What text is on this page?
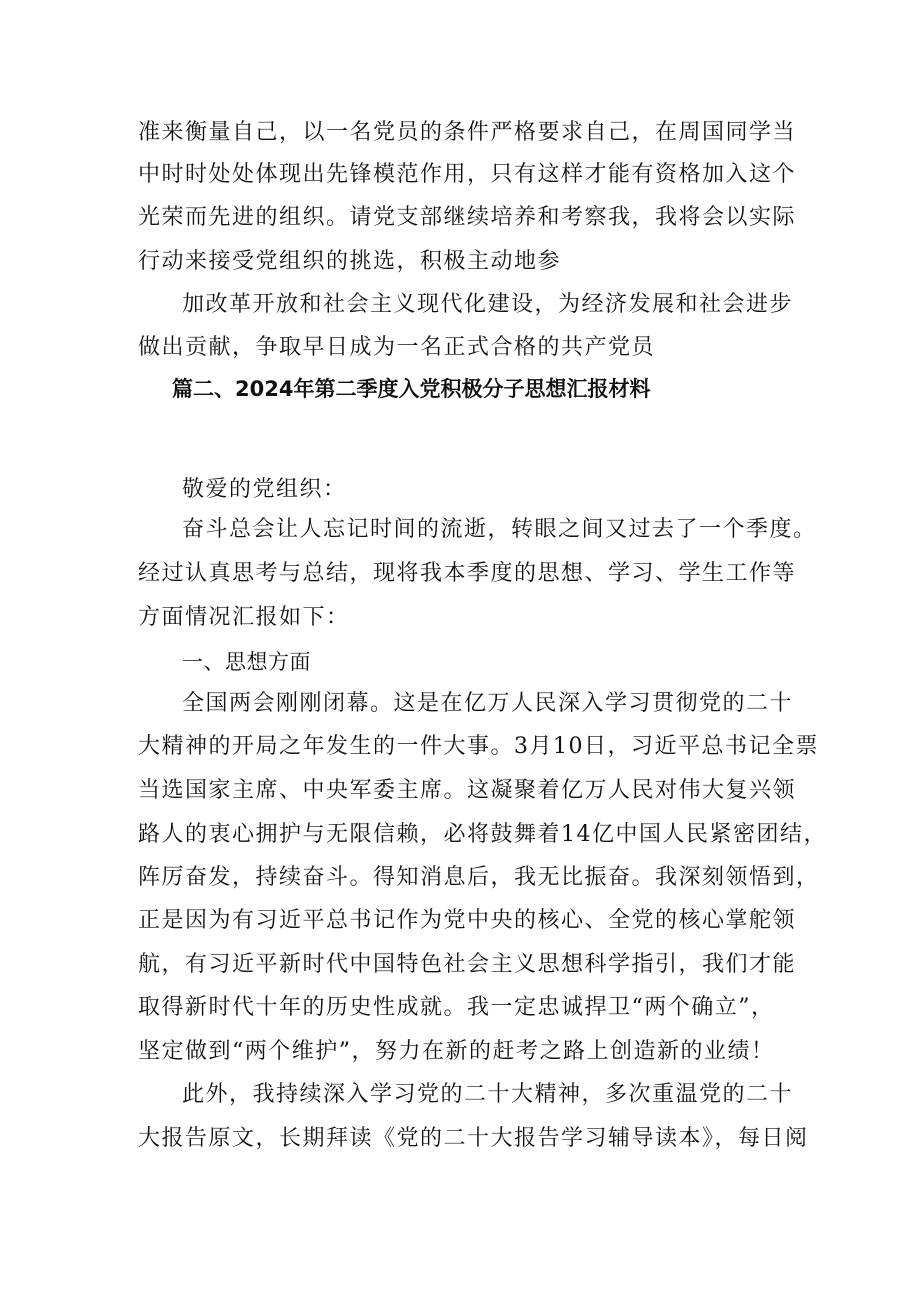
准来衡量自己，以一名党员的条件严格要求自己，在周国同学当
中时时处处体现出先锋模范作用，只有这样才能有资格加入这个
光荣而先进的组织。请党支部继续培养和考察我，我将会以实际
行动来接受党组织的挑选，积极主动地参
加改革开放和社会主义现代化建设，为经济发展和社会进步
做出贡献，争取早日成为一名正式合格的共产党员
篇二、2024年第二季度入党积极分子思想汇报材料
敬爱的党组织：
奋斗总会让人忘记时间的流逝，转眼之间又过去了一个季度。
经过认真思考与总结，现将我本季度的思想、学习、学生工作等
方面情况汇报如下：
一、思想方面
全国两会刚刚闭幕。这是在亿万人民深入学习贯彻党的二十
大精神的开局之年发生的一件大事。3月10日，习近平总书记全票
当选国家主席、中央军委主席。这凝聚着亿万人民对伟大复兴领
路人的衷心拥护与无限信赖，必将鼓舞着14亿中国人民紧密团结，
阵厉奋发，持续奋斗。得知消息后，我无比振奋。我深刻领悟到，
正是因为有习近平总书记作为党中央的核心、全党的核心掌舵领
航，有习近平新时代中国特色社会主义思想科学指引，我们才能
取得新时代十年的历史性成就。我一定忠诚捍卫“两个确立”，
坚定做到“两个维护”，努力在新的赶考之路上创造新的业绩！
此外，我持续深入学习党的二十大精神，多次重温党的二十
大报告原文，长期拜读《党的二十大报告学习辅导读本》，每日阅
